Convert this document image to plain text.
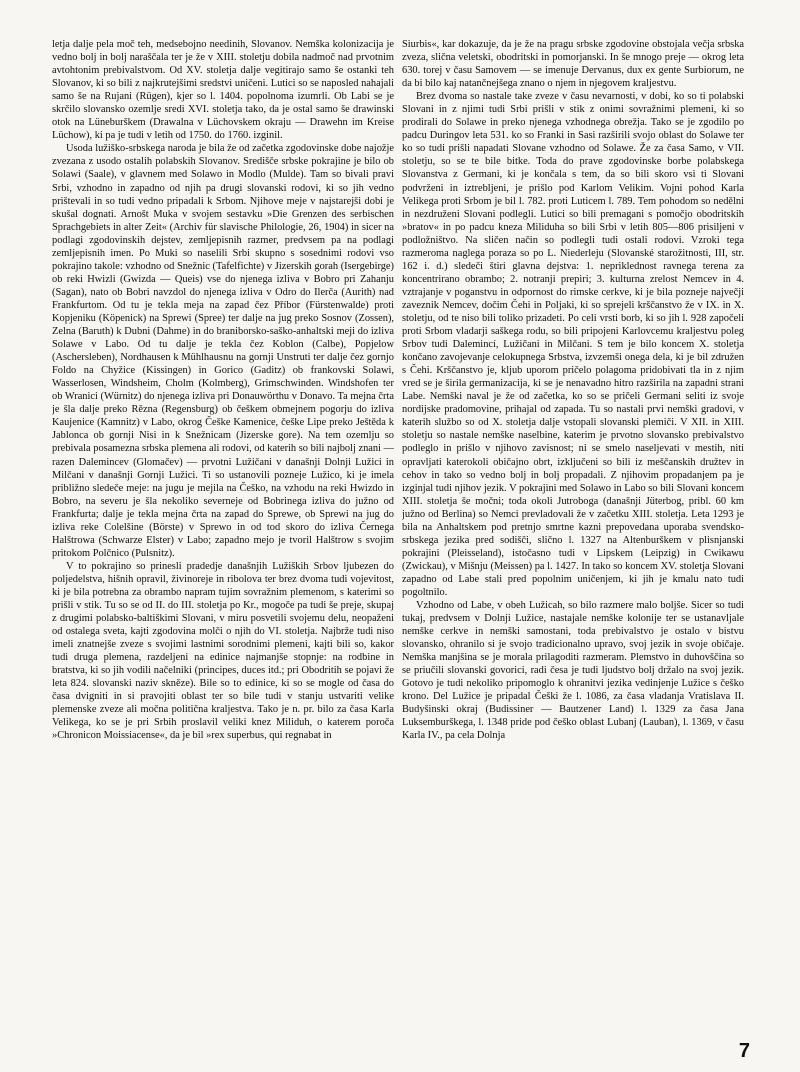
letja dalje pela moč teh, medsebojno needinih, Slovanov. Nemška kolonizacija je vedno bolj in bolj naraščala ter je že v XIII. stoletju dobila nadmoč nad prvotnim avtohtonim prebivalstvom. Od XV. stoletja dalje vegitirajo samo še ostanki teh Slovanov, ki so bili z najkrutejšimi sredstvi uničeni. Lutici so se naposled nahajali samo še na Rujani (Rügen), kjer so l. 1404. popolnoma izumrli. Ob Labi se je skrčilo slovansko ozemlje sredi XVI. stoletja tako, da je ostal samo še drawinski otok na Lüneburškem (Drawalna v Lüchovskem okraju — Drawehn im Kreise Lüchow), ki pa je tudi v letih od 1750. do 1760. izginil.

Usoda lužiško-srbskega naroda je bila že od začetka zgodovinske dobe najožje zvezana z usodo ostalih polabskih Slovanov. Središče srbske pokrajine je bilo ob Solawi (Saale), v glavnem med Solawo in Modlo (Mulde). Tam so bivali pravi Srbi, vzhodno in zapadno od njih pa drugi slovanski rodovi, ki so jih vedno prištevali in so tudi vedno pripadali k Srbom. Njihove meje v najstarejši dobi je skušal dognati. Arnošt Muka v svojem sestavku »Die Grenzen des serbischen Sprachgebiets in alter Zeit« (Archiv für slavische Philologie, 26, 1904) in sicer na podlagi zgodovinskih dejstev, zemljepisnih razmer, predvsem pa na podlagi zemljepisnih imen. Po Muki so naselili Srbi skupno s sosednimi rodovi vso pokrajino takole: vzhodno od Snežnic (Tafelfichte) v Jizerskih gorah (Isergebirge) ob reki Hwizli (Gwizda — Queis) vse do njenega izliva v Bobro pri Zahanju (Sagan), nato ob Bobri navzdol do njenega izliva v Odro do Ilerča (Aurith) nad Frankfurtom. Od tu je tekla meja na zapad čez Příbor (Fürstenwalde) proti Kopjeniku (Köpenick) na Sprewi (Spree) ter dalje na jug preko Sosnov (Zossen), Zelna (Baruth) k Dubni (Dahme) in do braniborsko-saško-anhaltski meji do izliva Solawe v Labo. Od tu dalje je tekla čez Koblon (Calbe), Popjelow (Aschersleben), Nordhausen k Mühlhausnu na gornji Unstruti ter dalje čez gornjo Foldo na Chyžice (Kissingen) in Gorico (Gaditz) ob frankovski Solawi, Wasserlosen, Windsheim, Cholm (Kolmberg), Grimschwinden. Windshofen ter ob Wranici (Würnitz) do njenega izliva pri Donauwörthu v Donavo. Ta mejna črta je šla dalje preko Rězna (Regensburg) ob češkem obmejnem pogorju do izliva Kaujenice (Kamnitz) v Labo, okrog Češke Kamenice, češke Lipe preko Ještěda k Jablonca ob gornji Nisi in k Snežnicam (Jizerske gore). Na tem ozemlju so prebivala posamezna srbska plemena ali rodovi, od katerih so bili najbolj znani — razen Dalemincev (Glomačev) — prvotni Lužičani v današnji Dolnji Lužici in Milčani v današnji Gornji Lužici. Ti so ustanovili pozneje Lužico, ki je imela približno sledeče meje: na jugu je mejila na Češko, na vzhodu na reki Hwizdo in Bobro, na severu je šla nekoliko severneje od Bobrinega izliva do južno od Frankfurta; dalje je tekla mejna črta na zapad do Sprewe, ob Sprewi na jug do izliva reke Colelšine (Börste) v Sprewo in od tod skoro do izliva Černega Halštrowa (Schwarze Elster) v Labo; zapadno mejo je tvoril Halštrow s svojim pritokom Polčnico (Pulsnitz).

V to pokrajino so prinesli pradedje današnjih Lužiških Srbov ljubezen do poljedelstva, hišnih opravil, živinoreje in ribolova ter brez dvoma tudi vojevitost, ki je bila potrebna za obrambo napram tujim sovražnim plemenom, s katerimi so prišli v stik. Tu so se od II. do III. stoletja po Kr., mogoče pa tudi še preje, skupaj z drugimi polabsko-baltiškimi Slovani, v miru posvetili svojemu delu, neopaženi od ostalega sveta, kajti zgodovina molči o njih do VI. stoletja. Najbrže tudi niso imeli znatnejše zveze s svojimi lastnimi sorodnimi plemeni, kajti bili so, kakor tudi druga plemena, razdeljeni na edinice najmanjše stopnje: na rodbine in bratstva, ki so jih vodili načelniki (principes, duces itd.; pri Obodritih se pojavi že leta 824. slovanski naziv skněze). Bile so to edinice, ki so se mogle od časa do časa dvigniti in si pravojiti oblast ter so bile tudi v stanju ustvariti velike plemenske zveze ali močna politična kraljestva. Tako je n. pr. bilo za časa Karla Velikega, ko se je pri Srbih proslavil veliki knez Miliduh, o katerem poroča »Chronicon Moissiacense«, da je bil »rex superbus, qui regnabat in

Siurbis«, kar dokazuje, da je že na pragu srbske zgodovine obstojala večja srbska zveza, slična veletski, obodritski in pomorjanski. In še mnogo preje — okrog leta 630. torej v času Samovem — se imenuje Dervanus, dux ex gente Surbiorum, ne da bi bilo kaj natančnejšega znano o njem in njegovem kraljestvu.

Brez dvoma so nastale take zveze v času nevarnosti, v dobi, ko so ti polabski Slovani in z njimi tudi Srbi prišli v stik z onimi sovražnimi plemeni, ki so prodirali do Solawe in preko njenega vzhodnega obrežja. Tako se je zgodilo po padcu Duringov leta 531. ko so Franki in Sasi razširili svojo oblast do Solawe ter ko so tudi prišli napadati Slovane vzhodno od Solawe. Že za časa Samo, v VII. stoletju, so se te bile bitke. Toda do prave zgodovinske borbe polabskega Slovanstva z Germani, ki je končala s tem, da so bili skoro vsi ti Slovani podvrženi in iztrebljeni, je prišlo pod Karlom Velikim. Vojni pohod Karla Velikega proti Srbom je bil l. 782. proti Luticem l. 789. Tem pohodom so nedělni in nezdruženi Slovani podlegli. Lutici so bili premagani s pomočjo obodritskih »bratov« in po padcu kneza Miliduha so bili Srbi v letih 805—806 prisiljeni v podložništvo. Na sličen način so podlegli tudi ostali rodovi. Vzroki tega razmeroma naglega poraza so po L. Niederleju (Slovanské starožitnosti, III, str. 162 i. d.) sledeči štiri glavna dejstva: 1. nepriklednost ravnega terena za koncentrirano obrambo; 2. notranji prepiri; 3. kulturna zrelost Nemcev in 4. vztrajanje v poganstvu in odpornost do rimske cerkve, ki je bila pozneje največji zaveznik Nemcev, dočim Čehi in Poljaki, ki so sprejeli krščanstvo že v IX. in X. stoletju, od te niso bili toliko prizadeti. Po celi vrsti borb, ki so jih l. 928 započeli proti Srbom vladarji saškega rodu, so bili pripojeni Karlovcemu kraljestvu poleg Srbov tudi Dalemincí, Lužičani in Milčani. S tem je bilo koncem X. stoletja končano zavojevanje celokupnega Srbstva, izvzemši onega dela, ki je bil združen s Čehi. Krščanstvo je, kljub uporom pričelo polagoma pridobivati tla in z njim vred se je širila germanizacija, ki se je nenavadno hitro razširila na zapadni strani Labe. Nemški naval je že od začetka, ko so se pričeli Germani seliti iz svoje nordijske pradomovine, prihajal od zapada. Tu so nastali prvi nemški gradovi, v katerih službo so od X. stoletja dalje vstopali slovanski plemiči. V XII. in XIII. stoletju so nastale nemške naselbine, katerim je prvotno slovansko prebivalstvo podleglo in prišlo v njihovo zavisnost; ni se smelo naseljevati v mestih, niti opravljati katerokoli običajno obrt, izključeni so bili iz meščanskih družtev in cehov in tako so vedno bolj in bolj propadali. Z njihovim propadanjem pa je izginjal tudi njihov jezik. V pokrajini med Solawo in Labo so bili Slovani koncem XIII. stoletja še močni; toda okoli Jutroboga (današnji Jüterbog, pribl. 60 km južno od Berlina) so Nemci prevladovali že v začetku XIII. stoletja. Leta 1293 je bila na Anhaltskem pod pretnjo smrtne kazni prepovedana uporaba svendsko-srbskega jezika pred sodišči, slično l. 1327 na Altenburškem v plisnjanski pokrajini (Pleisseland), istočasno tudi v Lipskem (Leipzig) in Cwikawu (Zwickau), v Mišnju (Meissen) pa l. 1427. In tako so koncem XV. stoletja Slovani zapadno od Labe stali pred popolnim uničenjem, ki jih je kmalu nato tudi pogoltnilo.

Vzhodno od Labe, v obeh Lužicah, so bilo razmere malo boljše. Sicer so tudi tukaj, predvsem v Dolnji Lužice, nastajale nemške kolonije ter se ustanavljale nemške cerkve in nemški samostani, toda prebivalstvo je ostalo v bistvu slovansko, ohranilo si je svojo tradicionalno upravo, svoj jezik in svoje običaje. Nemška manjšina se je morala prilagoditi razmeram. Plemstvo in duhovščina so se priučili slovanski govorici, radi česa je tudi ljudstvo bolj držalo na svoj jezik. Gotovo je tudi nekoliko pripomoglo k ohranitvi jezika vedinjenje Lužice s češko krono. Del Lužice je pripadal Češki že l. 1086, za časa vladanja Vratislava II. Budyšinski okraj (Budissiner — Bautzener Land) l. 1329 za časa Jana Luksemburškega, l. 1348 pride pod češko oblast Lubanj (Lauban), l. 1369, v času Karla IV., pa cela Dolnja

7
